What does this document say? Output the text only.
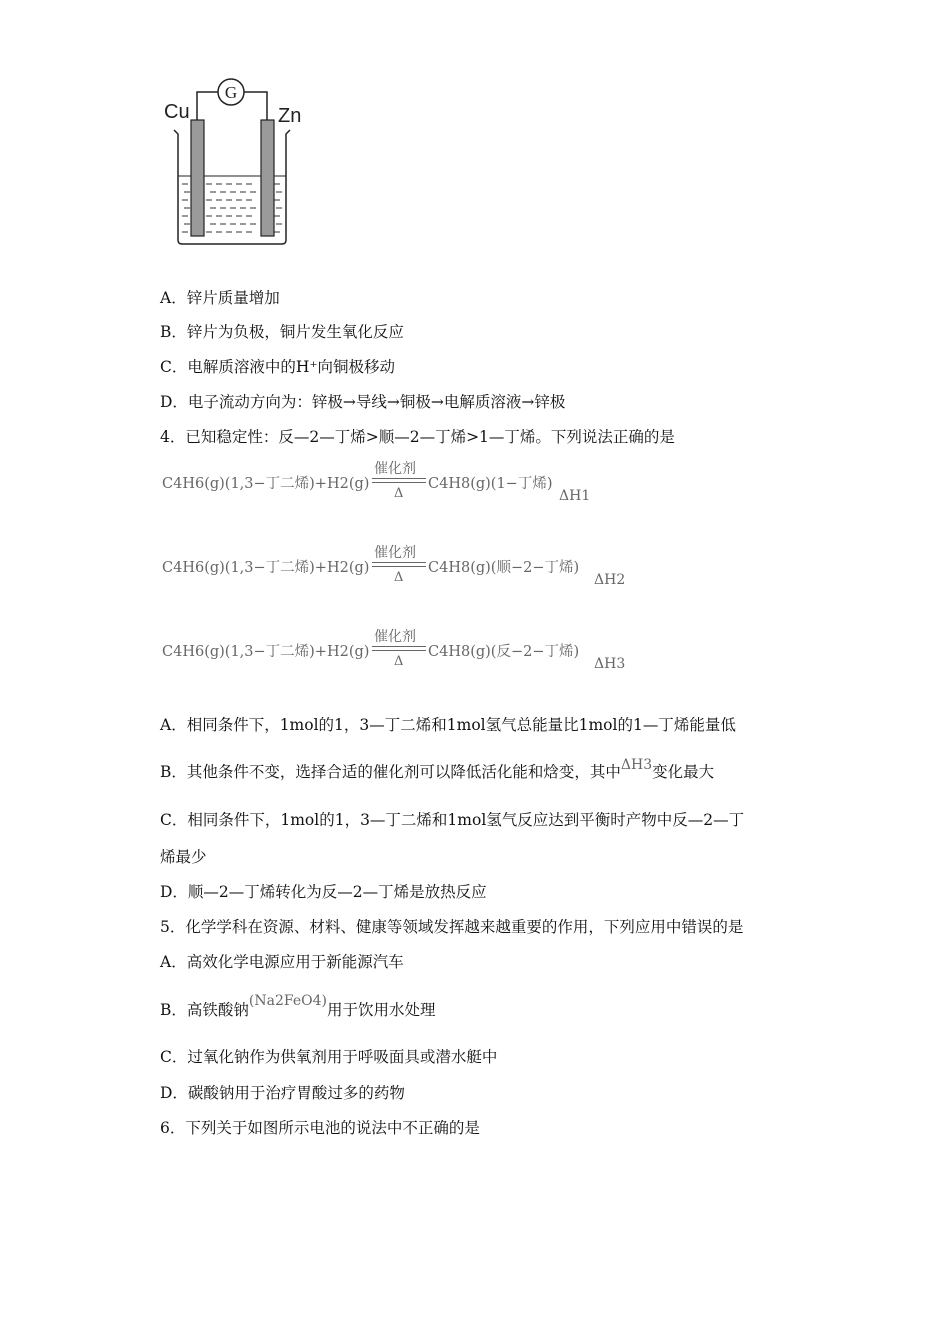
G
Cu	Zn
A．锌片质量增加
B．锌片为负极，铜片发生氧化反应
C．电解质溶液中的H⁺向铜极移动
D．电子流动方向为：锌极→导线→铜极→电解质溶液→锌极
4．已知稳定性：反—2—丁烯>顺—2—丁烯>1—丁烯。下列说法正确的是
C4H6(g)(1,3−丁二烯)+H2(g)
催化剂
Δ
C4H8(g)(1−丁烯)
ΔH1
C4H6(g)(1,3−丁二烯)+H2(g)
催化剂
Δ
C4H8(g)(顺−2−丁烯)
ΔH2
C4H6(g)(1,3−丁二烯)+H2(g)
催化剂
Δ
C4H8(g)(反−2−丁烯)
ΔH3
A．相同条件下，1mol的1，3—丁二烯和1mol氢气总能量比1mol的1—丁烯能量低
B．其他条件不变，选择合适的催化剂可以降低活化能和焓变，其中ΔH3变化最大
C．相同条件下，1mol的1，3—丁二烯和1mol氢气反应达到平衡时产物中反—2—丁
烯最少
D．顺—2—丁烯转化为反—2—丁烯是放热反应
5．化学学科在资源、材料、健康等领域发挥越来越重要的作用，下列应用中错误的是
A．高效化学电源应用于新能源汽车
B．高铁酸钠(Na2FeO4)用于饮用水处理
C．过氧化钠作为供氧剂用于呼吸面具或潜水艇中
D．碳酸钠用于治疗胃酸过多的药物
6．下列关于如图所示电池的说法中不正确的是
